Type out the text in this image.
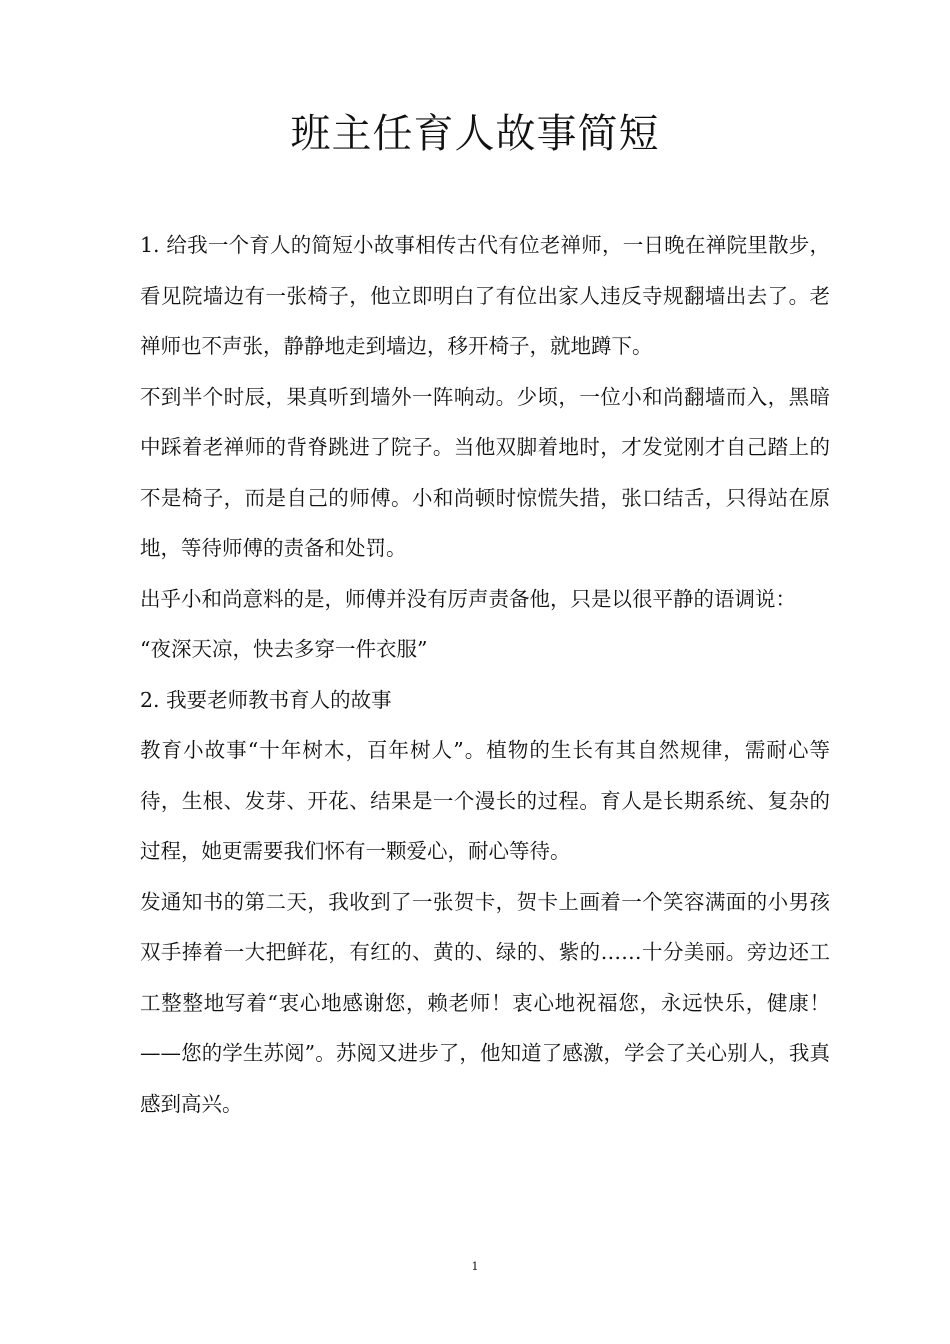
班主任育人故事简短

1. 给我一个育人的简短小故事相传古代有位老禅师，一日晚在禅院里散步，看见院墙边有一张椅子，他立即明白了有位出家人违反寺规翻墙出去了。老禅师也不声张，静静地走到墙边，移开椅子，就地蹲下。

不到半个时辰，果真听到墙外一阵响动。少顷，一位小和尚翻墙而入，黑暗中踩着老禅师的背脊跳进了院子。当他双脚着地时，才发觉刚才自己踏上的不是椅子，而是自己的师傅。小和尚顿时惊慌失措，张口结舌，只得站在原地，等待师傅的责备和处罚。

出乎小和尚意料的是，师傅并没有厉声责备他，只是以很平静的语调说：

“夜深天凉，快去多穿一件衣服”

2. 我要老师教书育人的故事

教育小故事“十年树木，百年树人”。植物的生长有其自然规律，需耐心等待，生根、发芽、开花、结果是一个漫长的过程。育人是长期系统、复杂的过程，她更需要我们怀有一颗爱心，耐心等待。

发通知书的第二天，我收到了一张贺卡，贺卡上画着一个笑容满面的小男孩双手捧着一大把鲜花，有红的、黄的、绿的、紫的……十分美丽。旁边还工工整整地写着“衷心地感谢您，赖老师！衷心地祝福您，永远快乐，健康！——您的学生苏阅”。苏阅又进步了，他知道了感激，学会了关心别人，我真感到高兴。

1
